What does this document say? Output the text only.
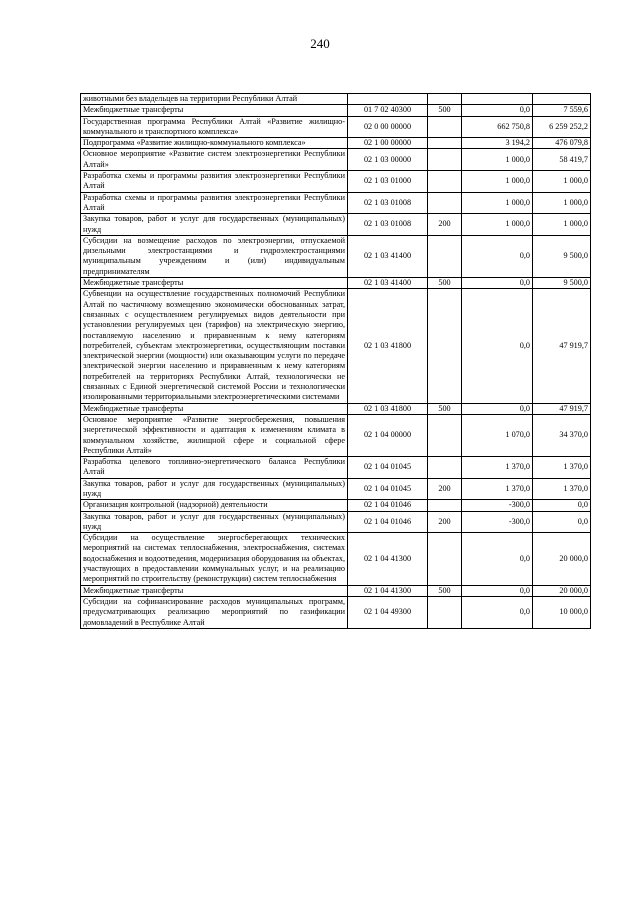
240
животными без владельцев на территории Республики Алтай				
Межбюджетные трансферты	01 7 02 40300	500	0,0	7 559,6
Государственная программа Республики Алтай «Развитие жилищно-коммунального и транспортного комплекса»	02 0 00 00000		662 750,8	6 259 252,2
Подпрограмма «Развитие жилищно-коммунального комплекса»	02 1 00 00000		3 194,2	476 079,8
Основное мероприятие «Развитие систем электроэнергетики Республики Алтай»	02 1 03 00000		1 000,0	58 419,7
Разработка схемы и программы развития электроэнергетики Республики Алтай	02 1 03 01000		1 000,0	1 000,0
Разработка схемы и программы развития электроэнергетики Республики Алтай	02 1 03 01008		1 000,0	1 000,0
Закупка товаров, работ и услуг для государственных (муниципальных) нужд	02 1 03 01008	200	1 000,0	1 000,0
Субсидии на возмещение расходов по электроэнергии, отпускаемой дизельными электростанциями и гидроэлектростанциями муниципальным учреждениям и (или) индивидуальным предпринимателям	02 1 03 41400		0,0	9 500,0
Межбюджетные трансферты	02 1 03 41400	500	0,0	9 500,0
Субвенции на осуществление государственных полномочий Республики Алтай по частичному возмещению экономически обоснованных затрат, связанных с осуществлением регулируемых видов деятельности при установлении регулируемых цен (тарифов) на электрическую энергию, поставляемую населению и приравненным к нему категориям потребителей, субъектам электроэнергетики, осуществляющим поставки электрической энергии (мощности) или оказывающим услуги по передаче электрической энергии населению и приравненным к нему категориям потребителей на территориях Республики Алтай, технологически не связанных с Единой энергетической системой России и технологически изолированными территориальными электроэнергетическими системами	02 1 03 41800		0,0	47 919,7
Межбюджетные трансферты	02 1 03 41800	500	0,0	47 919,7
Основное мероприятие «Развитие энергосбережения, повышения энергетической эффективности и адаптация к изменениям климата в коммунальном хозяйстве, жилищной сфере и социальной сфере Республики Алтай»	02 1 04 00000		1 070,0	34 370,0
Разработка целевого топливно-энергетического баланса Республики Алтай	02 1 04 01045		1 370,0	1 370,0
Закупка товаров, работ и услуг для государственных (муниципальных) нужд	02 1 04 01045	200	1 370,0	1 370,0
Организация контрольной (надзорной) деятельности	02 1 04 01046		-300,0	0,0
Закупка товаров, работ и услуг для государственных (муниципальных) нужд	02 1 04 01046	200	-300,0	0,0
Субсидии на осуществление энергосберегающих технических мероприятий на системах теплоснабжения, электроснабжения, системах водоснабжения и водоотведения, модернизация оборудования на объектах, участвующих в предоставлении коммунальных услуг, и на реализацию мероприятий по строительству (реконструкции) систем теплоснабжения	02 1 04 41300		0,0	20 000,0
Межбюджетные трансферты	02 1 04 41300	500	0,0	20 000,0
Субсидии на софинансирование расходов муниципальных программ, предусматривающих реализацию мероприятий по газификации домовладений в Республике Алтай	02 1 04 49300		0,0	10 000,0
